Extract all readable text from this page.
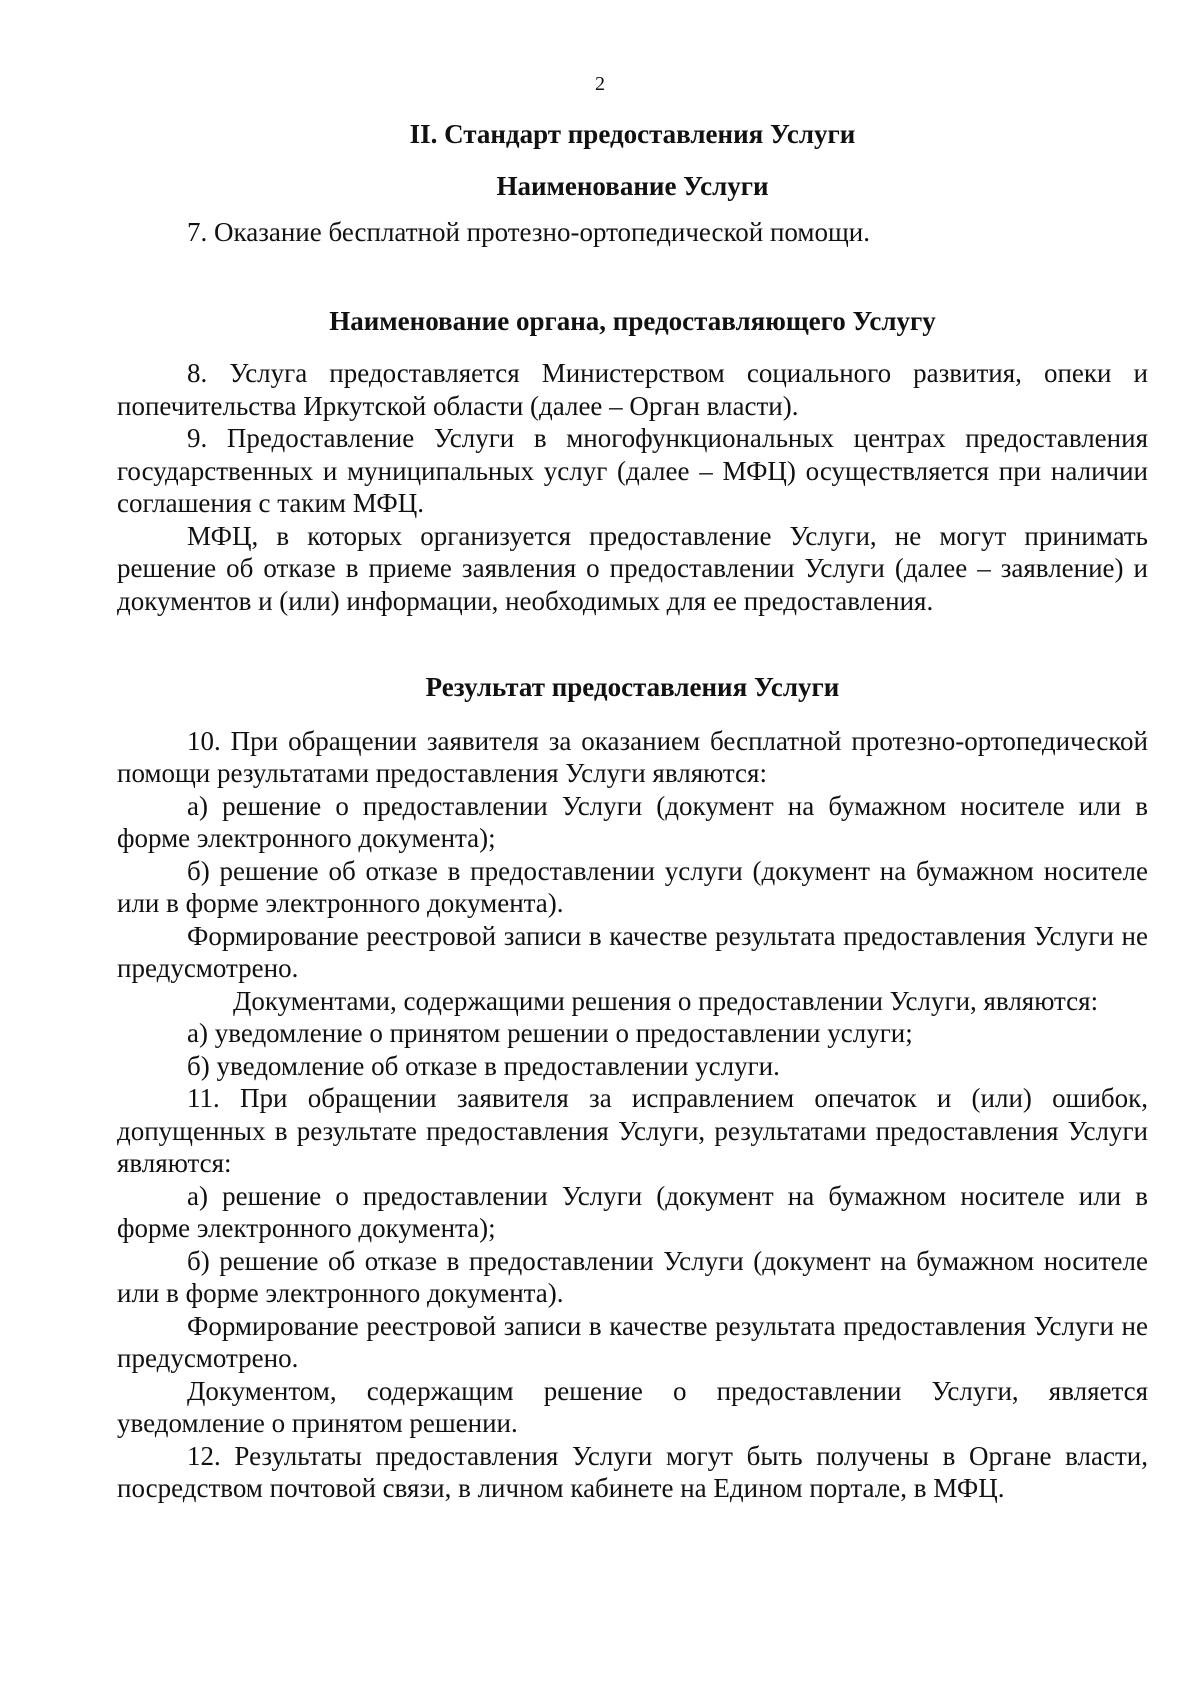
2
II. Стандарт предоставления Услуги
Наименование Услуги

7. Оказание бесплатной протезно-ортопедической помощи.

Наименование органа, предоставляющего Услугу

8. Услуга предоставляется Министерством социального развития, опеки и попечительства Иркутской области (далее – Орган власти).

9. Предоставление Услуги в многофункциональных центрах предоставления государственных и муниципальных услуг (далее – МФЦ) осуществляется при наличии соглашения с таким МФЦ.

МФЦ, в которых организуется предоставление Услуги, не могут принимать решение об отказе в приеме заявления о предоставлении Услуги (далее – заявление) и документов и (или) информации, необходимых для ее предоставления.

Результат предоставления Услуги

10. При обращении заявителя за оказанием бесплатной протезно-ортопедической помощи результатами предоставления Услуги являются:

а) решение о предоставлении Услуги (документ на бумажном носителе или в форме электронного документа);

б) решение об отказе в предоставлении услуги (документ на бумажном носителе или в форме электронного документа).

Формирование реестровой записи в качестве результата предоставления Услуги не предусмотрено.

Документами, содержащими решения о предоставлении Услуги, являются:

а) уведомление о принятом решении о предоставлении услуги;

б) уведомление об отказе в предоставлении услуги.

11. При обращении заявителя за исправлением опечаток и (или) ошибок, допущенных в результате предоставления Услуги, результатами предоставления Услуги являются:

а) решение о предоставлении Услуги (документ на бумажном носителе или в форме электронного документа);

б) решение об отказе в предоставлении Услуги (документ на бумажном носителе или в форме электронного документа).

Формирование реестровой записи в качестве результата предоставления Услуги не предусмотрено.

Документом, содержащим решение о предоставлении Услуги, является уведомление о принятом решении.

12. Результаты предоставления Услуги могут быть получены в Органе власти, посредством почтовой связи, в личном кабинете на Едином портале, в МФЦ.
